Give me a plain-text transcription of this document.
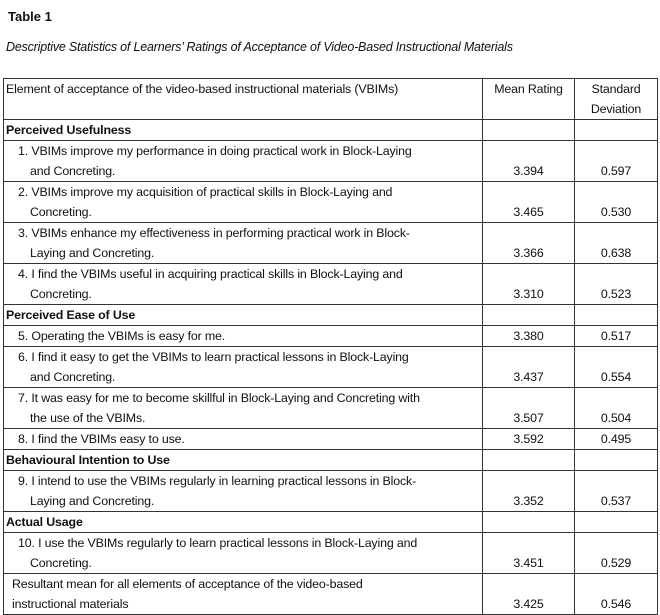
Table 1
Descriptive Statistics of Learners’ Ratings of Acceptance of Video-Based Instructional Materials
Element of acceptance of the video-based instructional materials (VBIMs)	Mean Rating	Standard Deviation
Perceived Usefulness		

1. VBIMs improve my performance in doing practical work in Block-Laying
and Concreting.	3.394	0.597

2. VBIMs improve my acquisition of practical skills in Block-Laying and
Concreting.	3.465	0.530

3. VBIMs enhance my effectiveness in performing practical work in Block-
Laying and Concreting.	3.366	0.638

4. I find the VBIMs useful in acquiring practical skills in Block-Laying and
Concreting.	3.310	0.523
Perceived Ease of Use		

5. Operating the VBIMs is easy for me.	3.380	0.517

6. I find it easy to get the VBIMs to learn practical lessons in Block-Laying
and Concreting.	3.437	0.554

7. It was easy for me to become skillful in Block-Laying and Concreting with
the use of the VBIMs.	3.507	0.504

8. I find the VBIMs easy to use.	3.592	0.495
Behavioural Intention to Use		

9. I intend to use the VBIMs regularly in learning practical lessons in Block-
Laying and Concreting.	3.352	0.537
Actual Usage		

10. I use the VBIMs regularly to learn practical lessons in Block-Laying and
Concreting.	3.451	0.529

Resultant mean for all elements of acceptance of the video-based
instructional materials	3.425	0.546
